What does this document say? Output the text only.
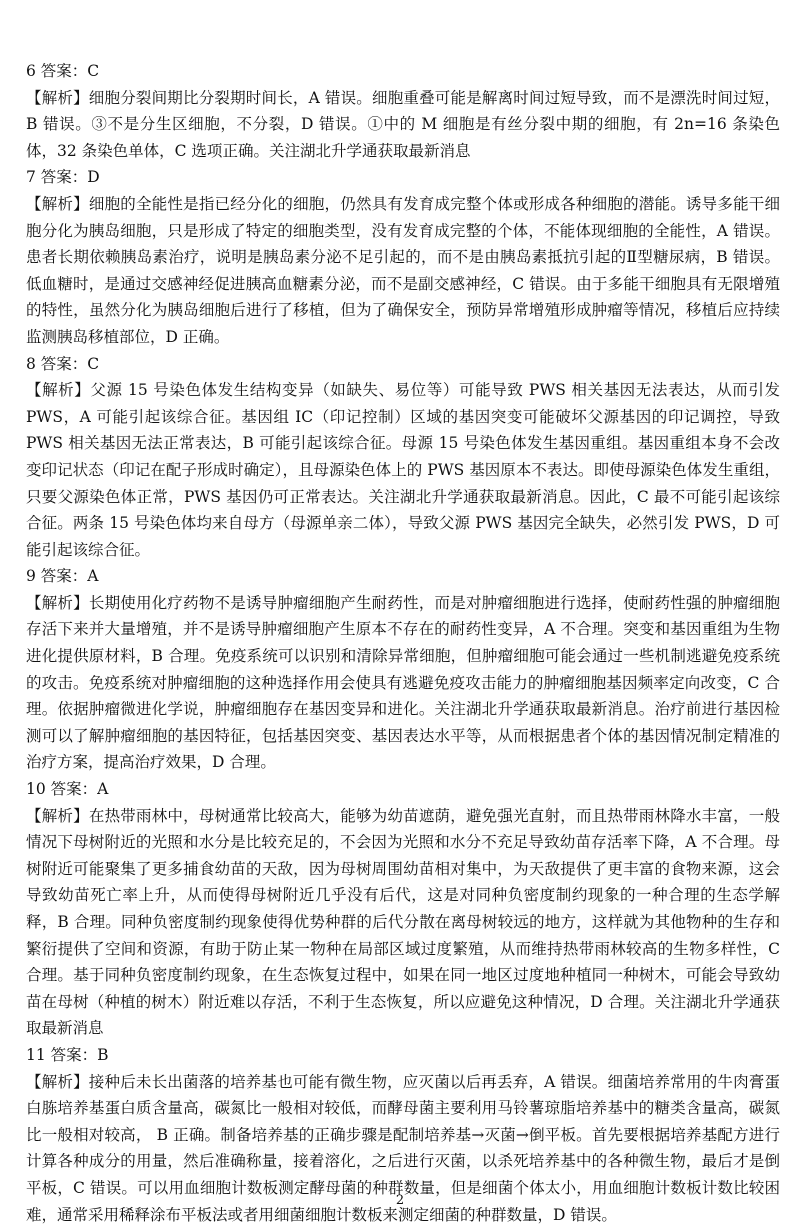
6 答案：C
【解析】细胞分裂间期比分裂期时间长，A 错误。细胞重叠可能是解离时间过短导致，而不是漂洗时间过短，B 错误。③不是分生区细胞，不分裂，D 错误。①中的 M 细胞是有丝分裂中期的细胞，有 2n=16 条染色体，32 条染色单体，C 选项正确。关注湖北升学通获取最新消息
7 答案：D
【解析】细胞的全能性是指已经分化的细胞，仍然具有发育成完整个体或形成各种细胞的潜能。诱导多能干细胞分化为胰岛细胞，只是形成了特定的细胞类型，没有发育成完整的个体，不能体现细胞的全能性，A 错误。患者长期依赖胰岛素治疗，说明是胰岛素分泌不足引起的，而不是由胰岛素抵抗引起的Ⅱ型糖尿病，B 错误。低血糖时，是通过交感神经促进胰高血糖素分泌，而不是副交感神经，C 错误。由于多能干细胞具有无限增殖的特性，虽然分化为胰岛细胞后进行了移植，但为了确保安全，预防异常增殖形成肿瘤等情况，移植后应持续监测胰岛移植部位，D 正确。
8 答案：C
【解析】父源 15 号染色体发生结构变异（如缺失、易位等）可能导致 PWS 相关基因无法表达，从而引发 PWS，A 可能引起该综合征。基因组 IC（印记控制）区域的基因突变可能破坏父源基因的印记调控，导致 PWS 相关基因无法正常表达，B 可能引起该综合征。母源 15 号染色体发生基因重组。基因重组本身不会改变印记状态（印记在配子形成时确定），且母源染色体上的 PWS 基因原本不表达。即使母源染色体发生重组，只要父源染色体正常，PWS 基因仍可正常表达。关注湖北升学通获取最新消息。因此，C 最不可能引起该综合征。两条 15 号染色体均来自母方（母源单亲二体），导致父源 PWS 基因完全缺失，必然引发 PWS，D 可能引起该综合征。
9 答案：A
【解析】长期使用化疗药物不是诱导肿瘤细胞产生耐药性，而是对肿瘤细胞进行选择，使耐药性强的肿瘤细胞存活下来并大量增殖，并不是诱导肿瘤细胞产生原本不存在的耐药性变异，A 不合理。突变和基因重组为生物进化提供原材料，B 合理。免疫系统可以识别和清除异常细胞，但肿瘤细胞可能会通过一些机制逃避免疫系统的攻击。免疫系统对肿瘤细胞的这种选择作用会使具有逃避免疫攻击能力的肿瘤细胞基因频率定向改变，C 合理。依据肿瘤微进化学说，肿瘤细胞存在基因变异和进化。关注湖北升学通获取最新消息。治疗前进行基因检测可以了解肿瘤细胞的基因特征，包括基因突变、基因表达水平等，从而根据患者个体的基因情况制定精准的治疗方案，提高治疗效果，D 合理。
10 答案：A
【解析】在热带雨林中，母树通常比较高大，能够为幼苗遮荫，避免强光直射，而且热带雨林降水丰富，一般情况下母树附近的光照和水分是比较充足的，不会因为光照和水分不充足导致幼苗存活率下降，A 不合理。母树附近可能聚集了更多捕食幼苗的天敌，因为母树周围幼苗相对集中，为天敌提供了更丰富的食物来源，这会导致幼苗死亡率上升，从而使得母树附近几乎没有后代，这是对同种负密度制约现象的一种合理的生态学解释，B 合理。同种负密度制约现象使得优势种群的后代分散在离母树较远的地方，这样就为其他物种的生存和繁衍提供了空间和资源，有助于防止某一物种在局部区域过度繁殖，从而维持热带雨林较高的生物多样性，C 合理。基于同种负密度制约现象，在生态恢复过程中，如果在同一地区过度地种植同一种树木，可能会导致幼苗在母树（种植的树木）附近难以存活，不利于生态恢复，所以应避免这种情况，D 合理。关注湖北升学通获取最新消息
11 答案：B
【解析】接种后未长出菌落的培养基也可能有微生物，应灭菌以后再丢弃，A 错误。细菌培养常用的牛肉膏蛋白胨培养基蛋白质含量高，碳氮比一般相对较低，而酵母菌主要利用马铃薯琼脂培养基中的糖类含量高，碳氮比一般相对较高， B 正确。制备培养基的正确步骤是配制培养基→灭菌→倒平板。首先要根据培养基配方进行计算各种成分的用量，然后准确称量，接着溶化，之后进行灭菌，以杀死培养基中的各种微生物，最后才是倒平板，C 错误。可以用血细胞计数板测定酵母菌的种群数量，但是细菌个体太小，用血细胞计数板计数比较困难，通常采用稀释涂布平板法或者用细菌细胞计数板来测定细菌的种群数量，D 错误。
2
